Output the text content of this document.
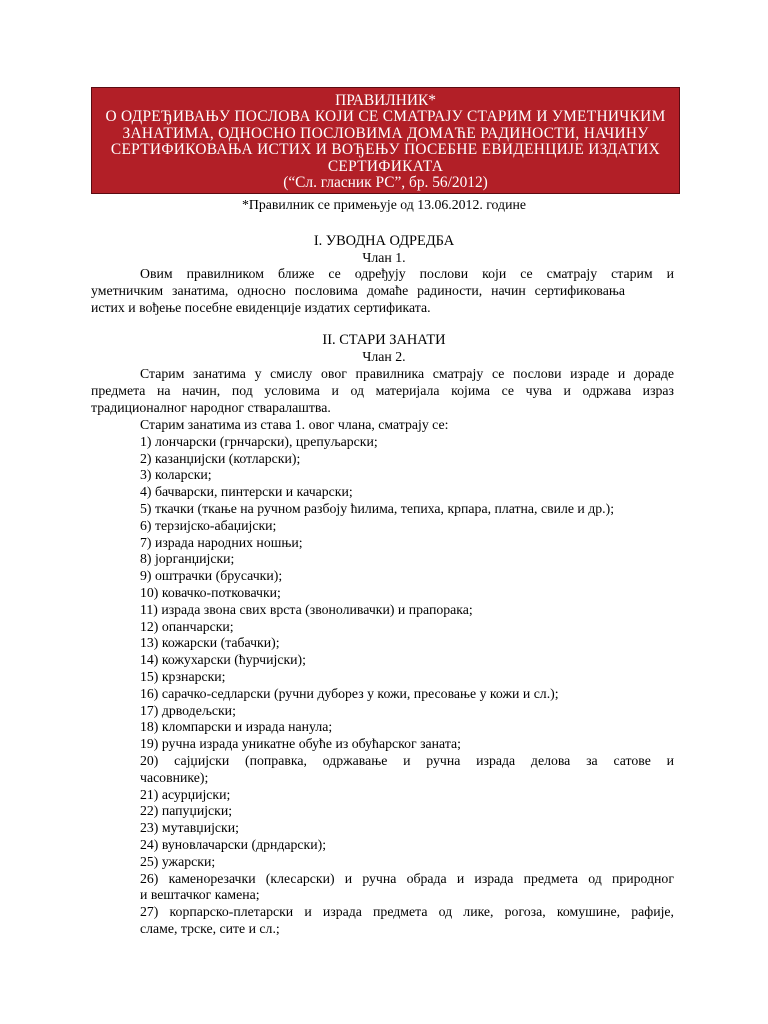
ПРАВИЛНИК*
О ОДРЕЂИВАЊУ ПОСЛОВА КОЈИ СЕ СМАТРАЈУ СТАРИМ И УМЕТНИЧКИМ
ЗАНАТИМА, ОДНОСНО ПОСЛОВИМА ДОМАЋЕ РАДИНОСТИ, НАЧИНУ
СЕРТИФИКОВАЊА ИСТИХ И ВОЂЕЊУ ПОСЕБНЕ ЕВИДЕНЦИЈЕ ИЗДАТИХ
СЕРТИФИКАТА
(“Сл. гласник РС”, бр. 56/2012)
*Правилник се примењује од 13.06.2012. године
I. УВОДНА ОДРЕДБА
Члан 1.
Овим правилником ближе се одређују послови који се сматрају старим и
уметничким занатима, односно пословима домаће радиности, начин сертификовања
истих и вођење посебне евиденције издатих сертификата.
II. СТАРИ ЗАНАТИ
Члан 2.
Старим занатима у смислу овог правилника сматрају се послови израде и дораде
предмета на начин, под условима и од материјала којима се чува и одржава израз
традиционалног народног стваралаштва.
Старим занатима из става 1. овог члана, сматрају се:
1) лончарски (грнчарски), црепуљарски;
2) казанџијски (котларски);
3) коларски;
4) бачварски, пинтерски и качарски;
5) ткачки (ткање на ручном разбоју ћилима, тепиха, крпара, платна, свиле и др.);
6) терзијско-абаџијски;
7) израда народних ношњи;
8) јорганџијски;
9) оштрачки (брусачки);
10) ковачко-потковачки;
11) израда звона свих врста (звоноливачки) и прапорака;
12) опанчарски;
13) кожарски (табачки);
14) кожухарски (ћурчијски);
15) крзнарски;
16) сарачко-седларски (ручни дуборез у кожи, пресовање у кожи и сл.);
17) дрводељски;
18) кломпарски и израда нанула;
19) ручна израда уникатне обуће из обућарског заната;
20) сајџијски (поправка, одржавање и ручна израда делова за сатове и
часовнике);
21) асурџијски;
22) папуџијски;
23) мутавџијски;
24) вуновлачарски (дрндарски);
25) ужарски;
26) каменорезачки (клесарски) и ручна обрада и израда предмета од природног
и вештачког камена;
27) корпарско-плетарски и израда предмета од лике, рогоза, комушине, рафије,
сламе, трске, сите и сл.;
